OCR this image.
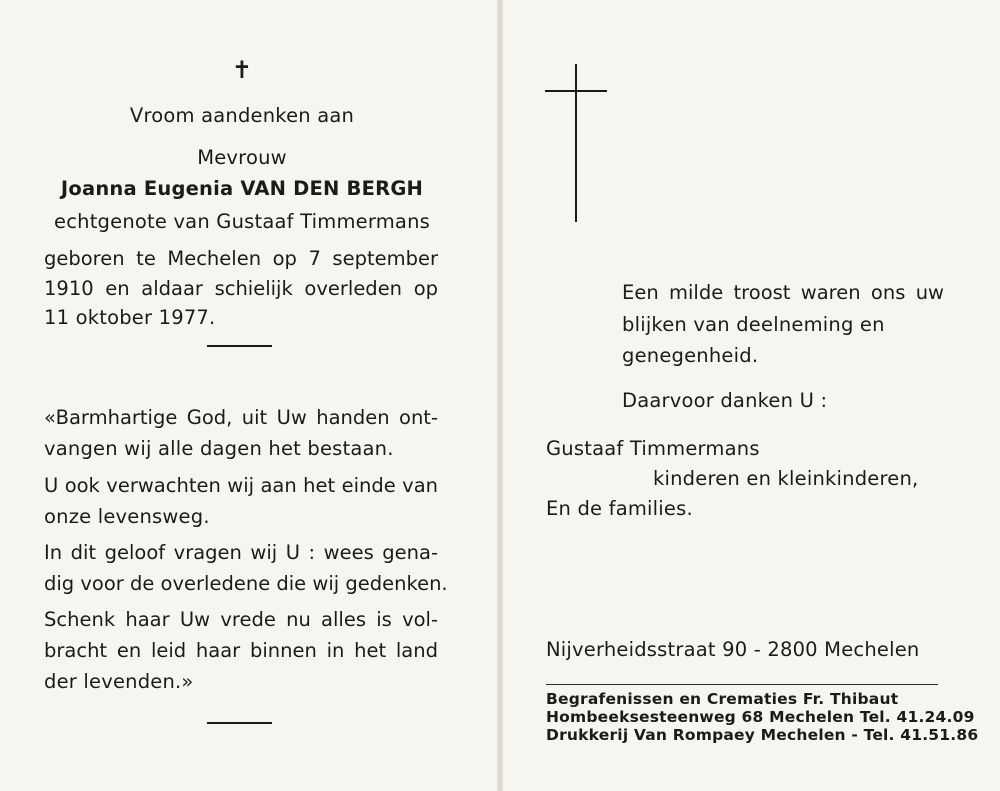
✝
Vroom aandenken aan
Mevrouw
Joanna Eugenia VAN DEN BERGH
echtgenote van Gustaaf Timmermans
geboren te Mechelen op 7 september
1910 en aldaar schielijk overleden op
11 oktober 1977.
«Barmhartige God, uit Uw handen ont-
vangen wij alle dagen het bestaan.
U ook verwachten wij aan het einde van
onze levensweg.
In dit geloof vragen wij U : wees gena-
dig voor de overledene die wij gedenken.
Schenk haar Uw vrede nu alles is vol-
bracht en leid haar binnen in het land
der levenden.»
Een milde troost waren ons uw
blijken van deelneming en
genegenheid.
Daarvoor danken U :
Gustaaf Timmermans
kinderen en kleinkinderen,
En de families.
Nijverheidsstraat 90 - 2800 Mechelen
Begrafenissen en Crematies Fr. Thibaut
Hombeeksesteenweg 68 Mechelen Tel. 41.24.09
Drukkerij Van Rompaey Mechelen - Tel. 41.51.86
